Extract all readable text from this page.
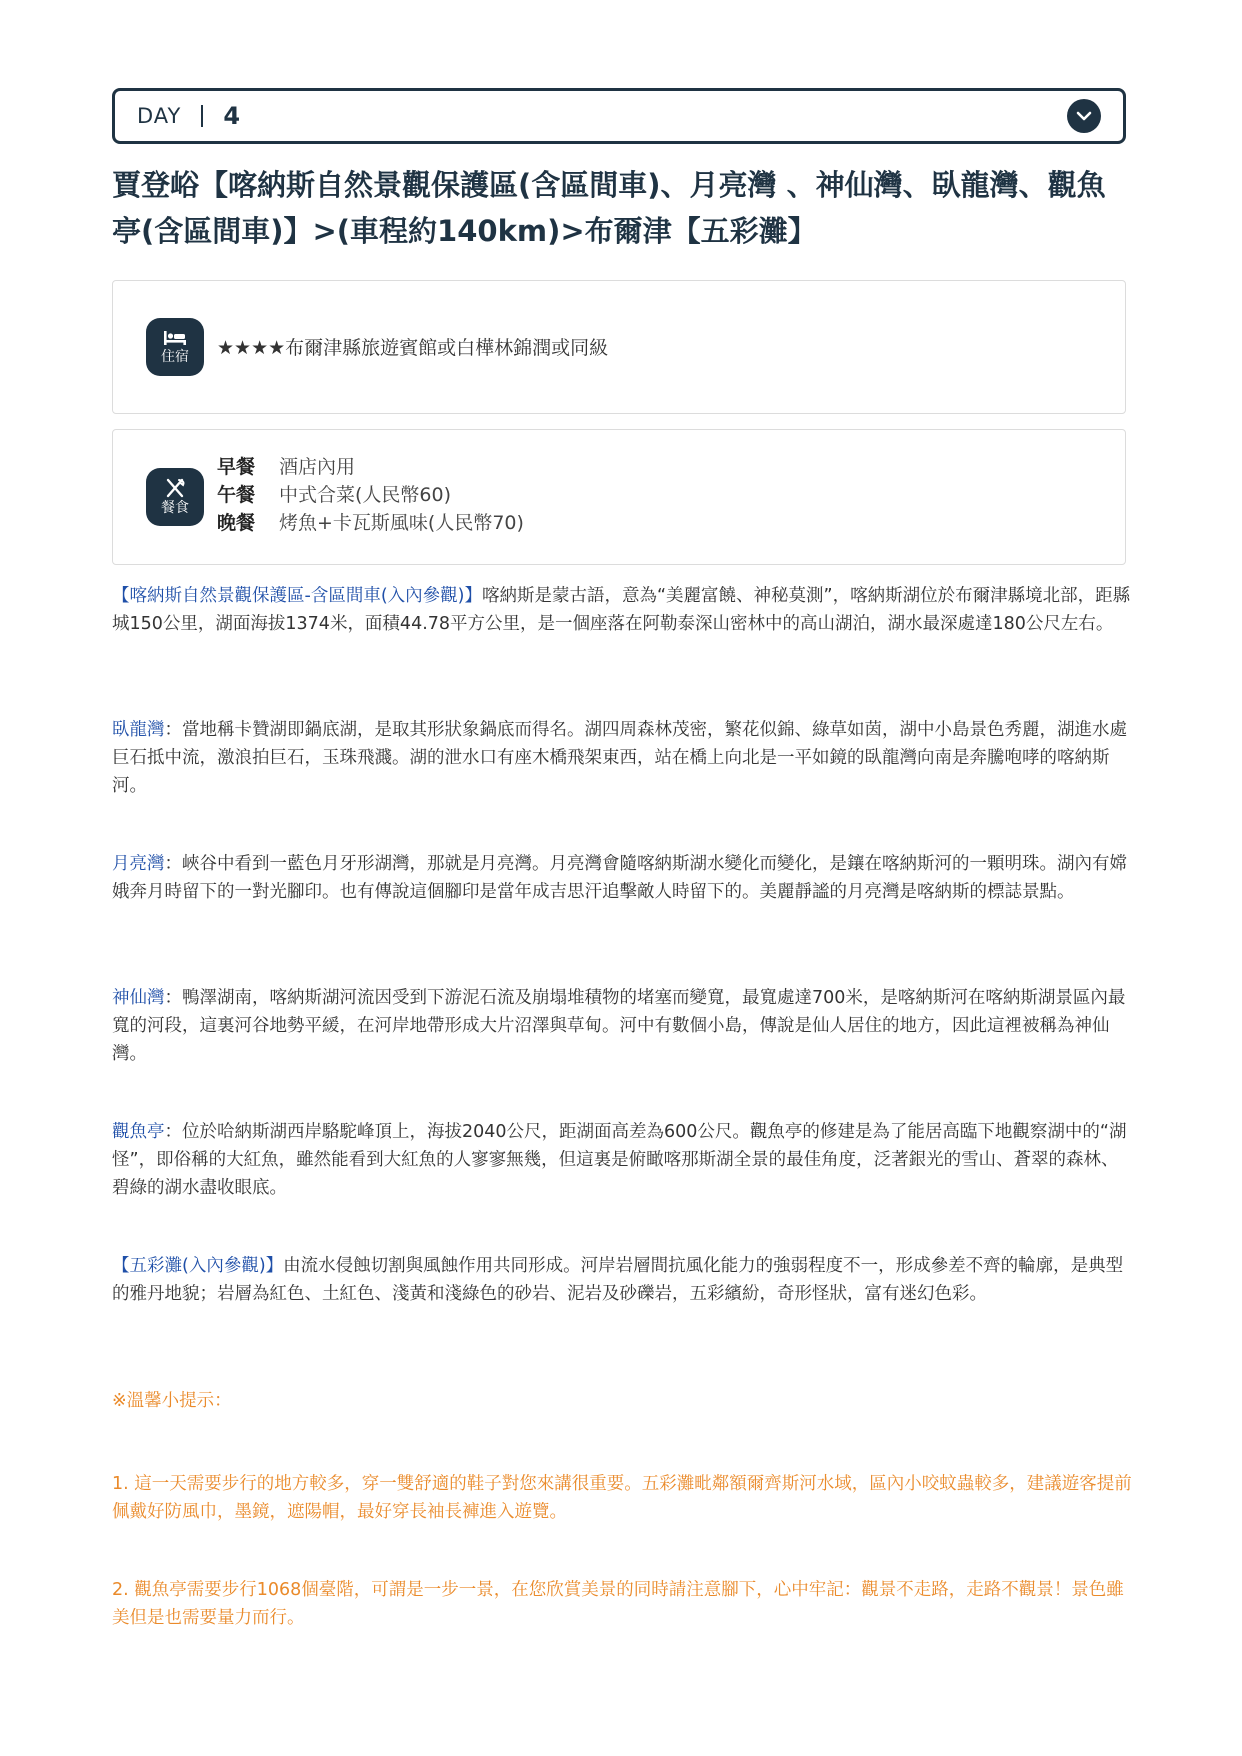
DAY 4
賈登峪【喀納斯自然景觀保護區(含區間車)、月亮灣 、神仙灣、臥龍灣、觀魚亭(含區間車)】>(車程約140km)>布爾津【五彩灘】
住宿 ★★★★布爾津縣旅遊賓館或白樺林錦潤或同級
餐食
早餐 酒店內用
午餐 中式合菜(人民幣60)
晚餐 烤魚+卡瓦斯風味(人民幣70)

【喀納斯自然景觀保護區-含區間車(入內參觀)】喀納斯是蒙古語，意為“美麗富饒、神秘莫測”，喀納斯湖位於布爾津縣境北部，距縣城150公里，湖面海拔1374米，面積44.78平方公里，是一個座落在阿勒泰深山密林中的高山湖泊，湖水最深處達180公尺左右。

臥龍灣：當地稱卡贊湖即鍋底湖，是取其形狀象鍋底而得名。湖四周森林茂密，繁花似錦、綠草如茵，湖中小島景色秀麗，湖進水處巨石抵中流，激浪拍巨石，玉珠飛濺。湖的泄水口有座木橋飛架東西，站在橋上向北是一平如鏡的臥龍灣向南是奔騰咆哮的喀納斯河。

月亮灣：峽谷中看到一藍色月牙形湖灣，那就是月亮灣。月亮灣會隨喀納斯湖水變化而變化，是鑲在喀納斯河的一顆明珠。湖內有嫦娥奔月時留下的一對光腳印。也有傳說這個腳印是當年成吉思汗追擊敵人時留下的。美麗靜謐的月亮灣是喀納斯的標誌景點。

神仙灣：鴨澤湖南，喀納斯湖河流因受到下游泥石流及崩塌堆積物的堵塞而變寬，最寬處達700米，是喀納斯河在喀納斯湖景區內最寬的河段，這裏河谷地勢平緩，在河岸地帶形成大片沼澤與草甸。河中有數個小島，傳說是仙人居住的地方，因此這裡被稱為神仙灣。

觀魚亭：位於哈納斯湖西岸駱駝峰頂上，海拔2040公尺，距湖面高差為600公尺。觀魚亭的修建是為了能居高臨下地觀察湖中的“湖怪”，即俗稱的大紅魚，雖然能看到大紅魚的人寥寥無幾，但這裏是俯瞰喀那斯湖全景的最佳角度，泛著銀光的雪山、蒼翠的森林、碧綠的湖水盡收眼底。

【五彩灘(入內參觀)】由流水侵蝕切割與風蝕作用共同形成。河岸岩層間抗風化能力的強弱程度不一，形成參差不齊的輪廓，是典型的雅丹地貌；岩層為紅色、土紅色、淺黃和淺綠色的砂岩、泥岩及砂礫岩，五彩繽紛，奇形怪狀，富有迷幻色彩。

※溫馨小提示：

1. 這一天需要步行的地方較多，穿一雙舒適的鞋子對您來講很重要。五彩灘毗鄰額爾齊斯河水域，區內小咬蚊蟲較多，建議遊客提前佩戴好防風巾，墨鏡，遮陽帽，最好穿長袖長褲進入遊覽。

2. 觀魚亭需要步行1068個臺階，可謂是一步一景，在您欣賞美景的同時請注意腳下，心中牢記：觀景不走路，走路不觀景！景色雖美但是也需要量力而行。
